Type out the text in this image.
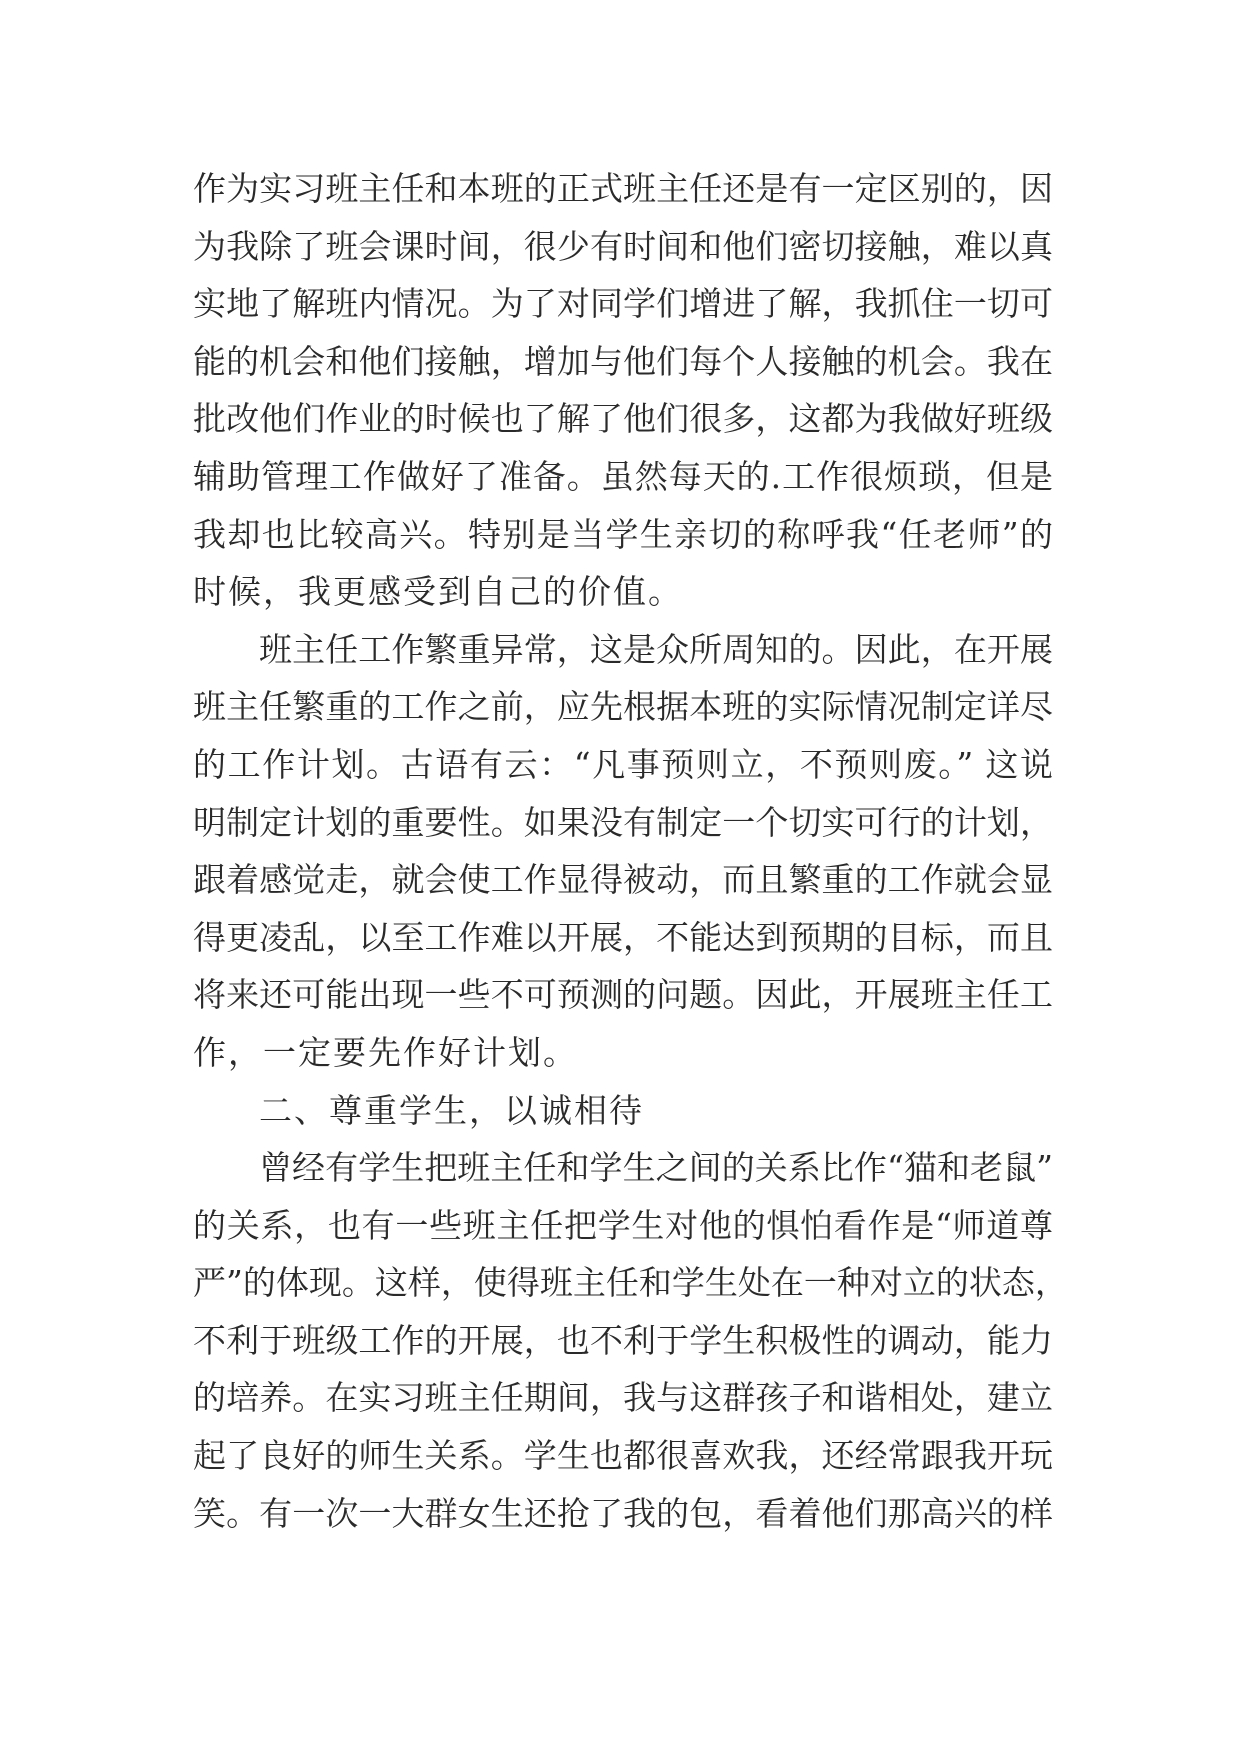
作为实习班主任和本班的正式班主任还是有一定区别的，因
为我除了班会课时间，很少有时间和他们密切接触，难以真
实地了解班内情况。为了对同学们增进了解，我抓住一切可
能的机会和他们接触，增加与他们每个人接触的机会。我在
批改他们作业的时候也了解了他们很多，这都为我做好班级
辅助管理工作做好了准备。虽然每天的.工作很烦琐，但是
我却也比较高兴。特别是当学生亲切的称呼我“任老师”的
时候，我更感受到自己的价值。
班主任工作繁重异常，这是众所周知的。因此，在开展
班主任繁重的工作之前，应先根据本班的实际情况制定详尽
的工作计划。古语有云：“凡事预则立，不预则废。” 这说
明制定计划的重要性。如果没有制定一个切实可行的计划，
跟着感觉走，就会使工作显得被动，而且繁重的工作就会显
得更凌乱，以至工作难以开展，不能达到预期的目标，而且
将来还可能出现一些不可预测的问题。因此，开展班主任工
作，一定要先作好计划。
二、尊重学生，以诚相待
曾经有学生把班主任和学生之间的关系比作“猫和老鼠”
的关系，也有一些班主任把学生对他的惧怕看作是“师道尊
严”的体现。这样，使得班主任和学生处在一种对立的状态，
不利于班级工作的开展，也不利于学生积极性的调动，能力
的培养。在实习班主任期间，我与这群孩子和谐相处，建立
起了良好的师生关系。学生也都很喜欢我，还经常跟我开玩
笑。有一次一大群女生还抢了我的包，看着他们那高兴的样
